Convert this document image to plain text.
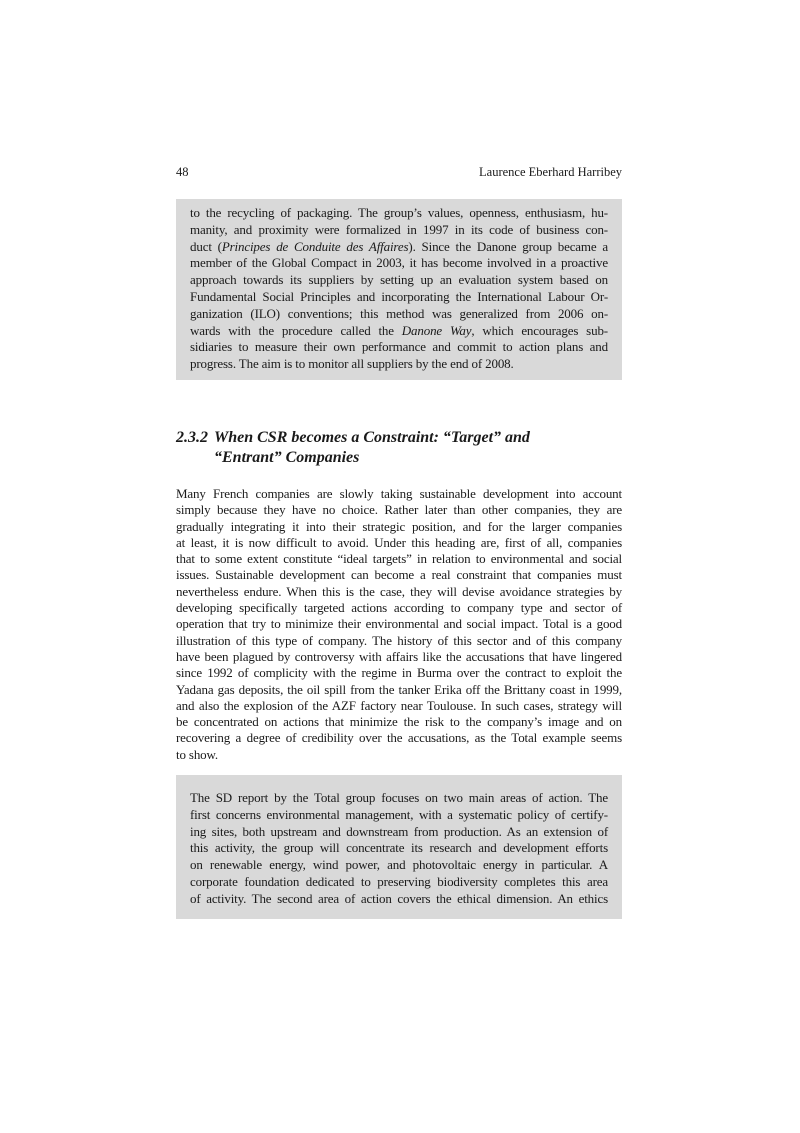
48	Laurence Eberhard Harribey
to the recycling of packaging. The group’s values, openness, enthusiasm, hu-
manity, and proximity were formalized in 1997 in its code of business con-
duct (Principes de Conduite des Affaires). Since the Danone group became a
member of the Global Compact in 2003, it has become involved in a proactive
approach towards its suppliers by setting up an evaluation system based on
Fundamental Social Principles and incorporating the International Labour Or-
ganization (ILO) conventions; this method was generalized from 2006 on-
wards with the procedure called the Danone Way, which encourages sub-
sidiaries to measure their own performance and commit to action plans and
progress. The aim is to monitor all suppliers by the end of 2008.
2.3.2 When CSR becomes a Constraint: “Target” and
“Entrant” Companies
Many French companies are slowly taking sustainable development into account
simply because they have no choice. Rather later than other companies, they are
gradually integrating it into their strategic position, and for the larger companies
at least, it is now difficult to avoid. Under this heading are, first of all, companies
that to some extent constitute “ideal targets” in relation to environmental and social
issues. Sustainable development can become a real constraint that companies must
nevertheless endure. When this is the case, they will devise avoidance strategies by
developing specifically targeted actions according to company type and sector of
operation that try to minimize their environmental and social impact. Total is a good
illustration of this type of company. The history of this sector and of this company
have been plagued by controversy with affairs like the accusations that have lingered
since 1992 of complicity with the regime in Burma over the contract to exploit the
Yadana gas deposits, the oil spill from the tanker Erika off the Brittany coast in 1999,
and also the explosion of the AZF factory near Toulouse. In such cases, strategy will
be concentrated on actions that minimize the risk to the company’s image and on
recovering a degree of credibility over the accusations, as the Total example seems
to show.
The SD report by the Total group focuses on two main areas of action. The
first concerns environmental management, with a systematic policy of certify-
ing sites, both upstream and downstream from production. As an extension of
this activity, the group will concentrate its research and development efforts
on renewable energy, wind power, and photovoltaic energy in particular. A
corporate foundation dedicated to preserving biodiversity completes this area
of activity. The second area of action covers the ethical dimension. An ethics
